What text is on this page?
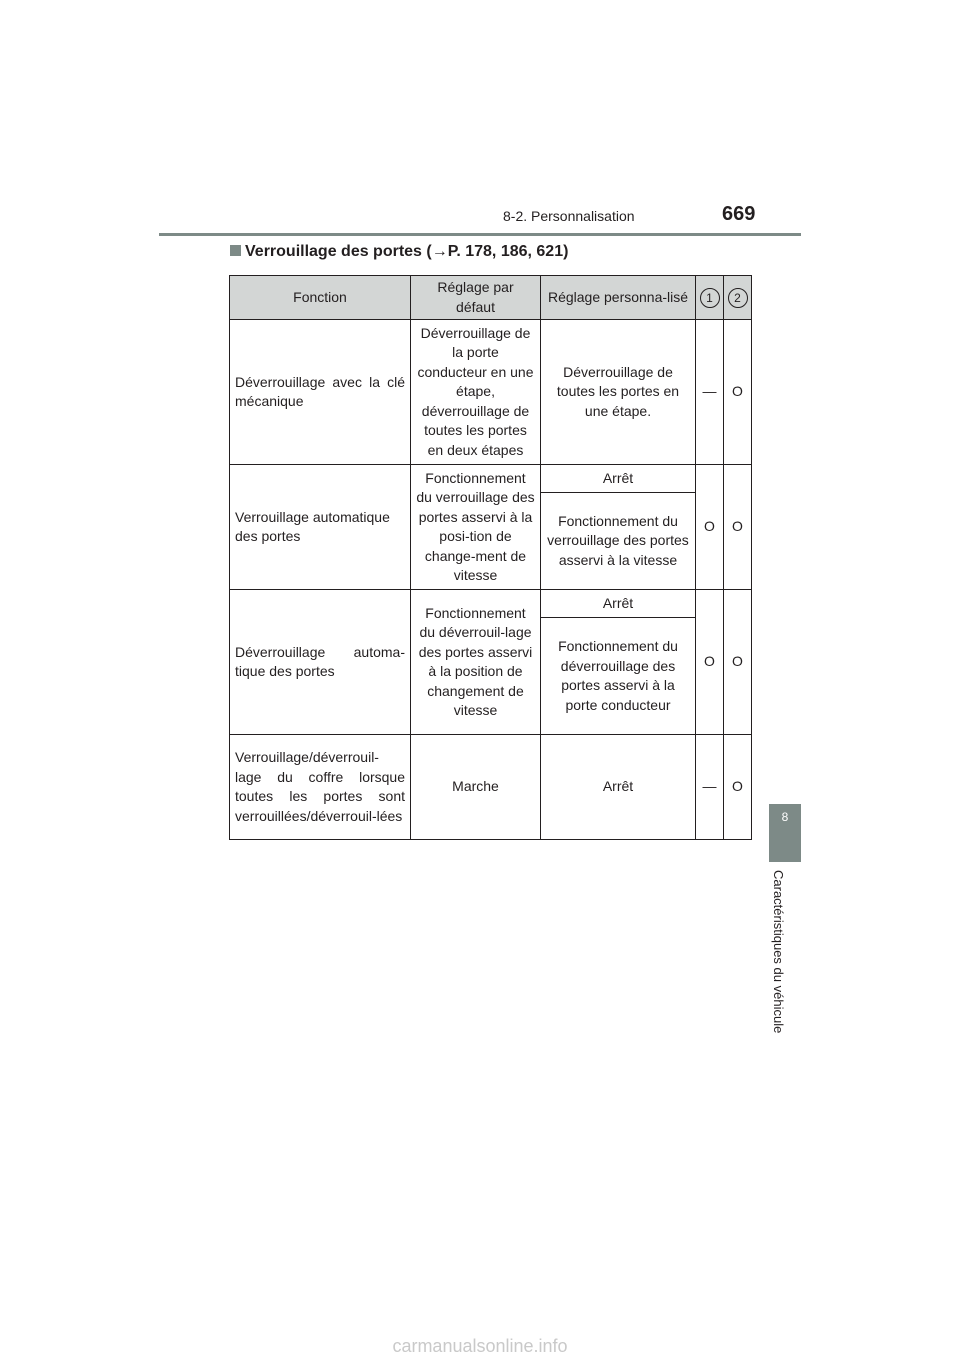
8-2. Personnalisation	669
8
Caractéristiques du véhicule
Verrouillage des portes (→P. 178, 186, 621)
Fonction	Réglage par défaut	Réglage personna-lisé	1	2
Déverrouillage avec la clé mécanique	Déverrouillage de la porte conducteur en une étape, déverrouillage de toutes les portes en deux étapes	Déverrouillage de toutes les portes en une étape.	—	O
Verrouillage automatique des portes	Fonctionnement du verrouillage des portes asservi à la posi-tion de change-ment de vitesse	Arrêt	O	O
		Fonctionnement du verrouillage des portes asservi à la vitesse		
Déverrouillage automa-tique des portes	Fonctionnement du déverrouil-lage des portes asservi à la position de changement de vitesse	Arrêt	O	O
		Fonctionnement du déverrouillage des portes asservi à la porte conducteur		
Verrouillage/déverrouil-lage du coffre lorsque toutes les portes sont verrouillées/déverrouil-lées	Marche	Arrêt	—	O
carmanualsonline.info
